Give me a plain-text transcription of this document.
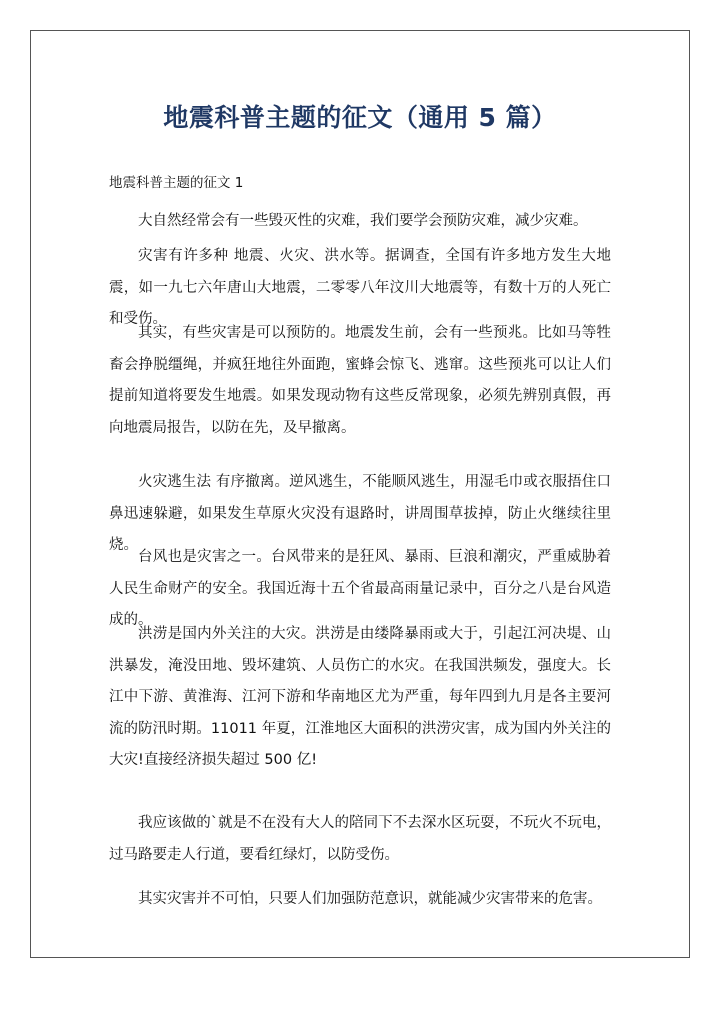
地震科普主题的征文（通用 5 篇）

地震科普主题的征文 1

大自然经常会有一些毁灭性的灾难，我们要学会预防灾难，减少灾难。

灾害有许多种 地震、火灾、洪水等。据调查，全国有许多地方发生大地震，如一九七六年唐山大地震，二零零八年汶川大地震等，有数十万的人死亡和受伤。

其实，有些灾害是可以预防的。地震发生前，会有一些预兆。比如马等牲畜会挣脱缰绳，并疯狂地往外面跑，蜜蜂会惊飞、逃窜。这些预兆可以让人们提前知道将要发生地震。如果发现动物有这些反常现象，必须先辨别真假，再向地震局报告，以防在先，及早撤离。

火灾逃生法 有序撤离。逆风逃生，不能顺风逃生，用湿毛巾或衣服捂住口鼻迅速躲避，如果发生草原火灾没有退路时，讲周围草拔掉，防止火继续往里烧。

台风也是灾害之一。台风带来的是狂风、暴雨、巨浪和潮灾，严重威胁着人民生命财产的安全。我国近海十五个省最高雨量记录中，百分之八是台风造成的。

洪涝是国内外关注的大灾。洪涝是由缕降暴雨或大于，引起江河决堤、山洪暴发，淹没田地、毁坏建筑、人员伤亡的水灾。在我国洪频发，强度大。长江中下游、黄淮海、江河下游和华南地区尤为严重，每年四到九月是各主要河流的防汛时期。11011 年夏，江淮地区大面积的洪涝灾害，成为国内外关注的大灾!直接经济损失超过 500 亿!

我应该做的`就是不在没有大人的陪同下不去深水区玩耍，不玩火不玩电，过马路要走人行道，要看红绿灯，以防受伤。

其实灾害并不可怕，只要人们加强防范意识，就能减少灾害带来的危害。
